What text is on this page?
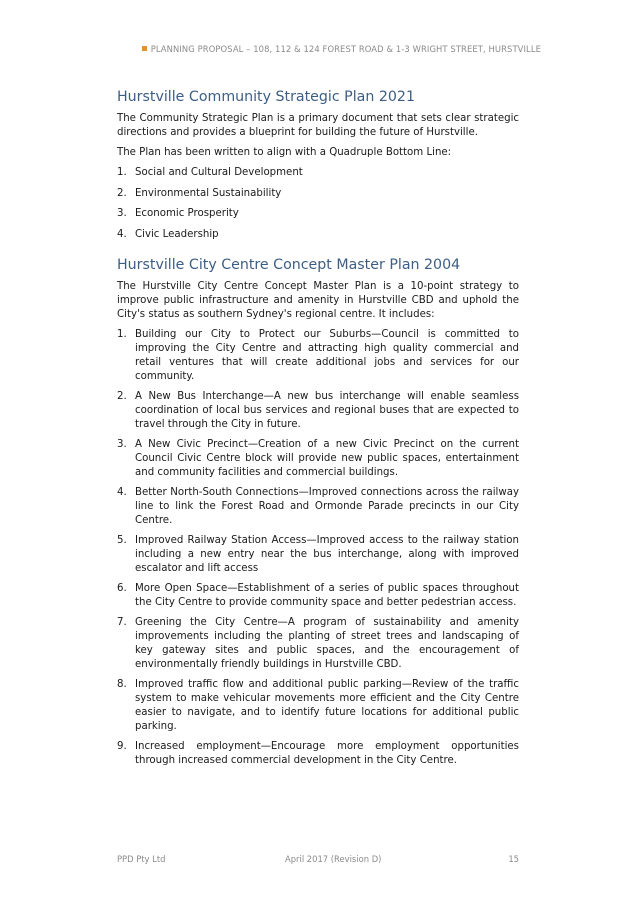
PLANNING PROPOSAL – 108, 112 & 124 FOREST ROAD & 1-3 WRIGHT STREET, HURSTVILLE
Hurstville Community Strategic Plan 2021

The Community Strategic Plan is a primary document that sets clear strategic directions and provides a blueprint for building the future of Hurstville.

The Plan has been written to align with a Quadruple Bottom Line:

1. Social and Cultural Development
2. Environmental Sustainability
3. Economic Prosperity
4. Civic Leadership
Hurstville City Centre Concept Master Plan 2004

The Hurstville City Centre Concept Master Plan is a 10-point strategy to improve public infrastructure and amenity in Hurstville CBD and uphold the City's status as southern Sydney's regional centre. It includes:

1. Building our City to Protect our Suburbs—Council is committed to improving the City Centre and attracting high quality commercial and retail ventures that will create additional jobs and services for our community.
2. A New Bus Interchange—A new bus interchange will enable seamless coordination of local bus services and regional buses that are expected to travel through the City in future.
3. A New Civic Precinct—Creation of a new Civic Precinct on the current Council Civic Centre block will provide new public spaces, entertainment and community facilities and commercial buildings.
4. Better North-South Connections—Improved connections across the railway line to link the Forest Road and Ormonde Parade precincts in our City Centre.
5. Improved Railway Station Access—Improved access to the railway station including a new entry near the bus interchange, along with improved escalator and lift access
6. More Open Space—Establishment of a series of public spaces throughout the City Centre to provide community space and better pedestrian access.
7. Greening the City Centre—A program of sustainability and amenity improvements including the planting of street trees and landscaping of key gateway sites and public spaces, and the encouragement of environmentally friendly buildings in Hurstville CBD.
8. Improved traffic flow and additional public parking—Review of the traffic system to make vehicular movements more efficient and the City Centre easier to navigate, and to identify future locations for additional public parking.
9. Increased employment—Encourage more employment opportunities through increased commercial development in the City Centre.
PPD Pty Ltd	April 2017 (Revision D)	15
